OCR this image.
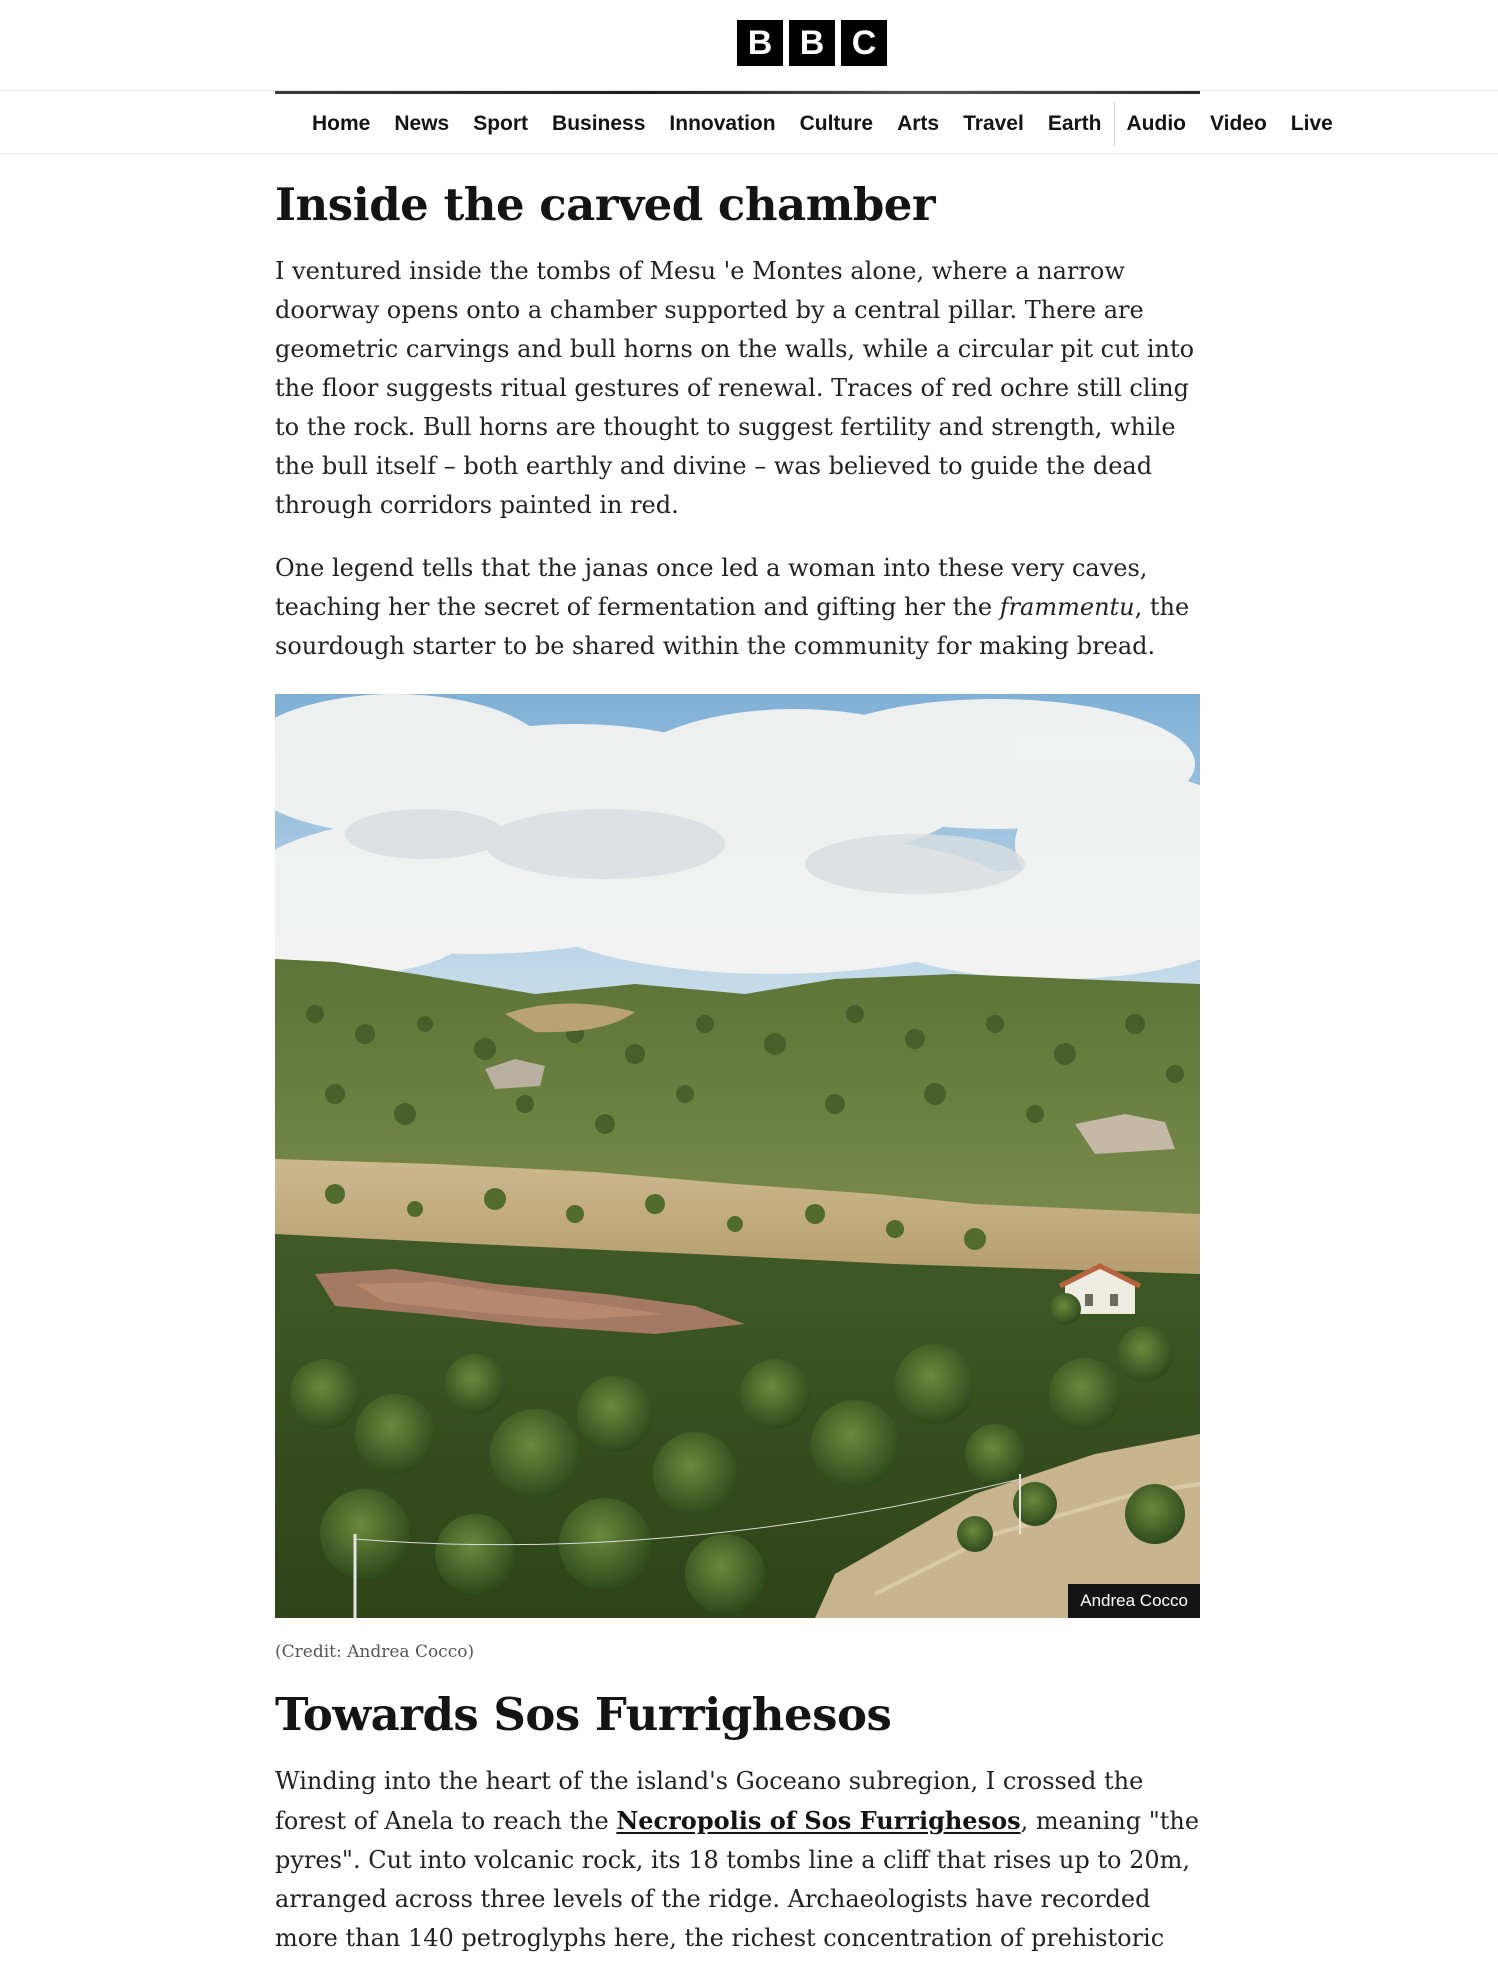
B B C
Home	News	Sport	Business	Innovation	Culture	Arts	Travel	Earth	Audio	Video	Live
Inside the carved chamber

I ventured inside the tombs of Mesu 'e Montes alone, where a narrow doorway opens onto a chamber supported by a central pillar. There are geometric carvings and bull horns on the walls, while a circular pit cut into the floor suggests ritual gestures of renewal. Traces of red ochre still cling to the rock. Bull horns are thought to suggest fertility and strength, while the bull itself – both earthly and divine – was believed to guide the dead through corridors painted in red.

One legend tells that the janas once led a woman into these very caves, teaching her the secret of fermentation and gifting her the frammentu, the sourdough starter to be shared within the community for making bread.

Andrea Cocco

(Credit: Andrea Cocco)

Towards Sos Furrighesos

Winding into the heart of the island's Goceano subregion, I crossed the forest of Anela to reach the Necropolis of Sos Furrighesos, meaning "the pyres". Cut into volcanic rock, its 18 tombs line a cliff that rises up to 20m, arranged across three levels of the ridge. Archaeologists have recorded more than 140 petroglyphs here, the richest concentration of prehistoric
